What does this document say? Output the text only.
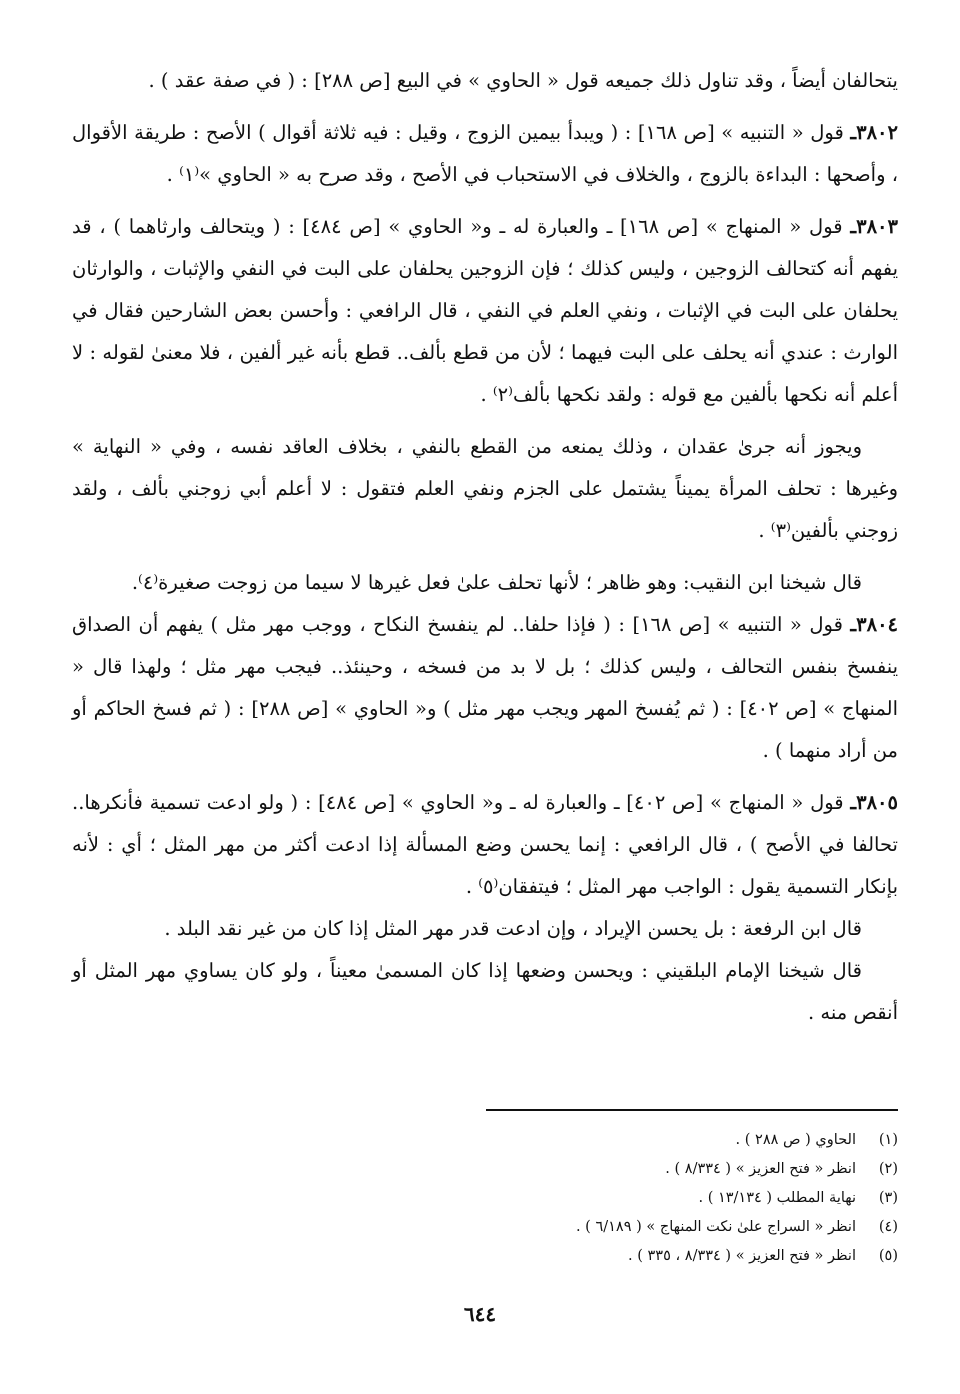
يتحالفان أيضاً ، وقد تناول ذلك جميعه قول « الحاوي » في البيع [ص ٢٨٨] : ( في صفة عقد ) .

٣٨٠٢ـ قول « التنبيه » [ص ١٦٨] : ( ويبدأ بيمين الزوج ، وقيل : فيه ثلاثة أقوال ) الأصح : طريقة الأقوال ، وأصحها : البداءة بالزوج ، والخلاف في الاستحباب في الأصح ، وقد صرح به « الحاوي »⁽١⁾ .

٣٨٠٣ـ قول « المنهاج » [ص ١٦٨] ـ والعبارة له ـ و« الحاوي » [ص ٤٨٤] : ( ويتحالف وارثاهما ) ، قد يفهم أنه كتحالف الزوجين ، وليس كذلك ؛ فإن الزوجين يحلفان على البت في النفي والإثبات ، والوارثان يحلفان على البت في الإثبات ، ونفي العلم في النفي ، قال الرافعي : وأحسن بعض الشارحين فقال في الوارث : عندي أنه يحلف على البت فيهما ؛ لأن من قطع بألف.. قطع بأنه غير ألفين ، فلا معنىٰ لقوله : لا أعلم أنه نكحها بألفين مع قوله : ولقد نكحها بألف⁽٢⁾ .

ويجوز أنه جرىٰ عقدان ، وذلك يمنعه من القطع بالنفي ، بخلاف العاقد نفسه ، وفي « النهاية » وغيرها : تحلف المرأة يميناً يشتمل على الجزم ونفي العلم فتقول : لا أعلم أبي زوجني بألف ، ولقد زوجني بألفين⁽٣⁾ .

قال شيخنا ابن النقيب: وهو ظاهر ؛ لأنها تحلف علىٰ فعل غيرها لا سيما من زوجت صغيرة⁽٤⁾.

٣٨٠٤ـ قول « التنبيه » [ص ١٦٨] : ( فإذا حلفا.. لم ينفسخ النكاح ، ووجب مهر مثل ) يفهم أن الصداق ينفسخ بنفس التحالف ، وليس كذلك ؛ بل لا بد من فسخه ، وحينئذ.. فيجب مهر مثل ؛ ولهذا قال « المنهاج » [ص ٤٠٢] : ( ثم يُفسخ المهر ويجب مهر مثل ) و« الحاوي » [ص ٢٨٨] : ( ثم فسخ الحاكم أو من أراد منهما ) .

٣٨٠٥ـ قول « المنهاج » [ص ٤٠٢] ـ والعبارة له ـ و« الحاوي » [ص ٤٨٤] : ( ولو ادعت تسمية فأنكرها.. تحالفا في الأصح ) ، قال الرافعي : إنما يحسن وضع المسألة إذا ادعت أكثر من مهر المثل ؛ أي : لأنه بإنكار التسمية يقول : الواجب مهر المثل ؛ فيتفقان⁽٥⁾ .

قال ابن الرفعة : بل يحسن الإيراد ، وإن ادعت قدر مهر المثل إذا كان من غير نقد البلد .

قال شيخنا الإمام البلقيني : ويحسن وضعها إذا كان المسمىٰ معيناً ، ولو كان يساوي مهر المثل أو أنقص منه .

(١)الحاوي ( ص ٢٨٨ ) .
(٢)انظر « فتح العزيز » ( ٨/٣٣٤ ) .
(٣)نهاية المطلب ( ١٣/١٣٤ ) .
(٤)انظر « السراج علىٰ نكت المنهاج » ( ٦/١٨٩ ) .
(٥)انظر « فتح العزيز » ( ٨/٣٣٤ ، ٣٣٥ ) .
٦٤٤
